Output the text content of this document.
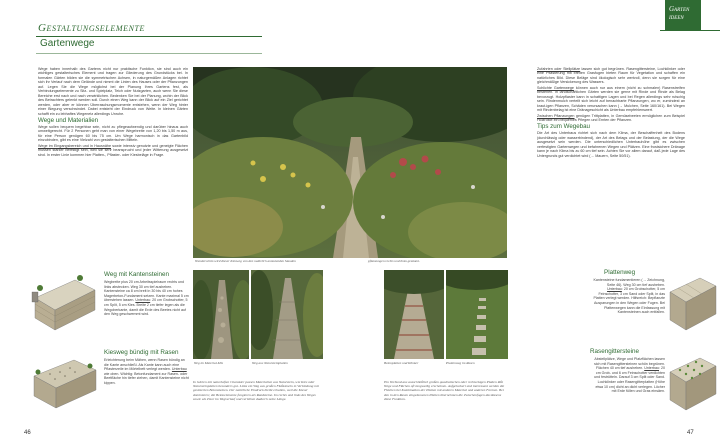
Gestaltungselemente
Gartenwege
Garten
ideen

Wege haben innerhalb des Gartens nicht nur praktische Funktion, sie sind auch ein wichtiges gestalterisches Element und tragen zur Gliederung des Grundstücks bei. In formalen Gärten bilden sie die symmetrischen Achsen, in naturgemäßen Anlagen richtet sich ihr Verlauf nach dem Gelände und nimmt die Linien des Hauses oder der Pflanzungen auf. Legen Sie die Wege möglichst bei der Planung Ihres Gartens fest, als Verbindungselemente zu Sitz- und Spielplatz, Teich oder Nutzgarten, auch wenn Sie diese Bereiche erst nach und nach verwirklichen. Bedenken Sie bei der Planung, wohin der Blick des Betrachters gelenkt werden soll. Durch einen Weg kann der Blick auf ein Ziel gerichtet werden, oder aber er können Überraschungsmomente entstehen, wenn der Weg hinter einer Biegung verschwindet. Dabei entsteht der Eindruck von Weite. In kleinen Gärten schafft ein zu lebhaftes Wegenetz allerdings Unruhe.

Wege und Materialien

Wege sollen bequem begehbar sein, nicht zu pflegeaufwendig und darüber hinaus auch umweltgerecht. Für 2 Personen geht man von einer Wegebreite von 1,20 bis 1,50 m aus, für eine Person genügen 60 bis 75 cm. Um Wege harmonisch in das Gartenbild einzubinden, gibt es eine Vielzahl von gestalterischen Mitteln.

Wege im Eingangsbereich und in Hausnähe sowie intensiv genutzte und geneigte Flächen müssen stärker befestigt sein, weil sie sehr beansprucht und jeder Witterung ausgesetzt sind. In erster Linie kommen hier Platten-, Pflaster- oder Kiesbeläge in Frage.

Wunderschön wird dieser Kiesweg von den natürlich anmutenden Stauden	pflanzungen rechts und links gesäumt.

Zufahrten oder Stellplätze lassen sich gut begrünen. Rasengittersteine, Lochklinker oder eine Pflasterung mit breiten Grasfugen bieten Raum für Vegetation und schaffen ein natürliches Bild. Diese Beläge sind ökologisch sehr wertvoll, denn sie sorgen für eine gleichmäßige Versickerung des Wassers.

Schlichte Gartenwege können auch nur aus einem (nicht zu schmalen) Rasenstreifen bestehen. In landschaftlichen Gärten werden sie gerne mit Rinde und Rinde als Belag bevorzugt. Holzpflaster kann in schattigen Lagen und bei Regen allerdings sehr rutschig sein. Rindenmulch verteilt sich leicht auf benachbarte Pflanzungen, wo er, zumindest an kraut-igen Pflanzen, Schäden verursachen kann (→ Mulchen, Seite 160/161). Bei Wegen mit Rindenbelag ist eine Dränageschicht als Unterbau empfehlenswert.

Zwischen Pflanzungen genügen Trittplatten, in Gemüsebeeten ermöglichen zum Beispiel Holzroste ein bequemes Pflegen und Ernten der Pflanzen.

Tips zum Wegebau

Die Art des Unterbaus richtet sich nach dem Klima, der Beschaffenheit des Bodens (durchlässig oder wasserbindend), der Art des Belags und der Belastung, der die Wege ausgesetzt sein werden. Die unterschiedlichen Unterbauhöhe gibt es zwischen verfestigten Gartenwegen und befahrenen Wegen und Plätzen. Eine frostsichere Dränage kann je nach Klima bis zu 60 cm tief sein. Achten Sie vor allem darauf, daß jede Lage des Untergrunds gut verdichtet wird (→ Mauern, Seite 50/51).

Weg mit Kantensteinen
Wegbreite plus 20 cm Arbeitsspielraum rechts und links abstecken. Weg 30 cm tief ausheben. Kantensteine ca 8 cm breit in 30 bis 40 cm hohes Magerbeton-Fundament setzen. Kante maximal 5 cm überstehen lassen. Unterbau: 20 cm Grobschotter, 5 cm Split, 5 cm Kies. Breite 2 cm tiefer legen als die Wegoberkante, damit die Erde des Beetes nicht auf den Weg geschwemmt wird.
Kiesweg bündig mit Rasen
Erleichterung beim Mähen, wenn Rasen bündig an die Kante anschließt. Als Kante kann auch eine Pflasterzeile im Mörtelbett verlegt werden. Unterbau wie oben. Wichtig: Betonfundament zur Rasen- oder Beetfläche hin tiefer ziehen, damit Kantensteine nicht kippen.
Weg im Material-Mix	Weg aus Natursteinplatten	Betonplatten und Klinker	Plattenweg im Rasen
In Gärten mit naturhaften Charakter passen Materialien aus Naturstein, wie Kies oder Natursteinplatten besonders gut. Links ein Weg aus großen Flußkieseln in Verbindung mit gesinterten Betonsteinen. Der natürliche Eindruck bleibt erhalten, weil die Kiesel dominieren; die Betonelemente fungieren als Randsteine. Im rechts und links des Weges sowie als Zisor im Wegverlauf und verleihen dadurch seine Länge.
Ein Vorbund aus ausschließlich großen quadratischen oder rechteckigen Platten läßt Wege und Flächen oft langweilig erscheinen. Aufgelockert und interessant werden die Flächen bei Kombination der Platten mit anderen Material und anderen Formen. Bei den in den Rasen eingelassenen Platten übernehmen die Zwischenfugen das Rasens diese Funktion.
Plattenweg
Kantensteine fundamentieren (→ Zeichnung, Seite 46). Weg 30 cm tief ausheben. Unterbau: 20 cm Grobschotter, 5 cm Feinschotter, 3 cm Sand oder Split, in das Platten verlegt werden. Hilfsreich: Bepflanzte Ausparungen in den Wegen oder Fugen. Bei Plattenwegen kann die Einfassung mit Kantensteinen auch entfallen.
Rasengittersteine
Abstellplätze, Wege und Platzflächen lassen sich mit Rasengittersteinen schön begrünen. Flächen 40 cm tief ausheben. Unterbau: 20 cm Grob- und 6 cm Feinschotter verdichten und festrütteln. Darauf 3 cm Split oder Sand. Lochklinker oder Rasengitterplatten (Höhe etwa 10 cm) dicht an dicht verlegen. Löcher mit Erde füllen und Gras einsäen.
46	47
